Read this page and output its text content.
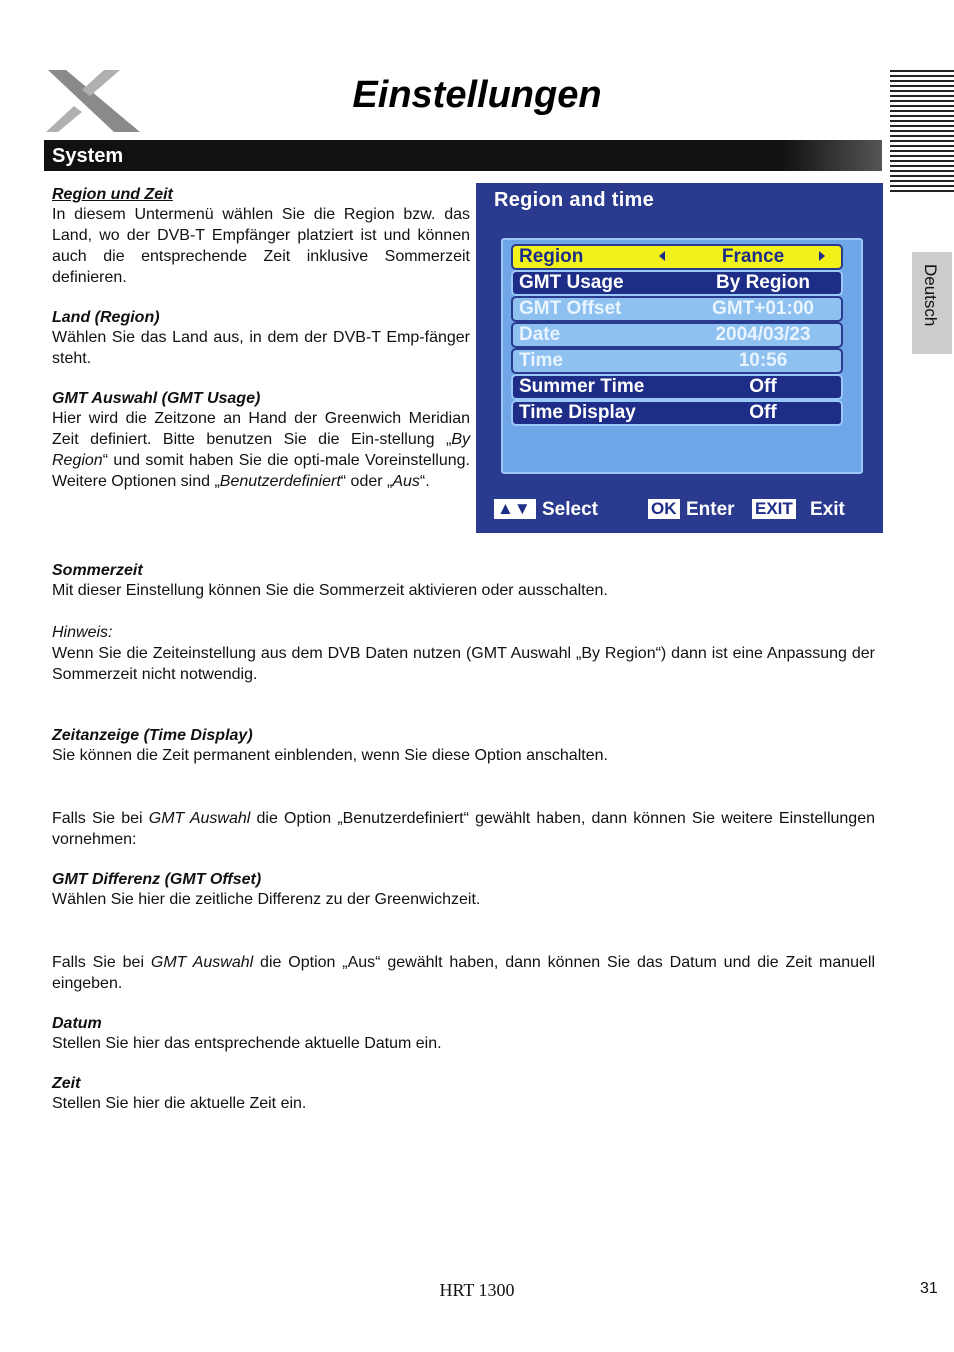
Einstellungen
System
Deutsch
Region und Zeit
In diesem Untermenü wählen Sie die Region bzw. das Land, wo der DVB-T Empfänger platziert ist und können auch die entsprechende Zeit inklusive Sommerzeit definieren.
Land (Region)
Wählen Sie das Land aus, in dem der DVB-T Emp-fänger steht.
GMT Auswahl (GMT Usage)
Hier wird die Zeitzone an Hand der Greenwich Meridian Zeit definiert. Bitte benutzen Sie die Ein-stellung „By Region“ und somit haben Sie die opti-male Voreinstellung. Weitere Optionen sind „Benutzerdefiniert“ oder „Aus“.
Region and time
Region	France
GMT Usage	By Region
GMT Offset	GMT+01:00
Date	2004/03/23
Time	10:56
Summer Time	Off
Time Display	Off
▲▼ Select	OK Enter EXIT Exit
Sommerzeit
Mit dieser Einstellung können Sie die Sommerzeit aktivieren oder ausschalten.
Hinweis:
Wenn Sie die Zeiteinstellung aus dem DVB Daten nutzen (GMT Auswahl „By Region“) dann ist eine Anpassung der Sommerzeit nicht notwendig.
Zeitanzeige (Time Display)
Sie können die Zeit permanent einblenden, wenn Sie diese Option anschalten.
Falls Sie bei GMT Auswahl die Option „Benutzerdefiniert“ gewählt haben, dann können Sie weitere Einstellungen vornehmen:
GMT Differenz (GMT Offset)
Wählen Sie hier die zeitliche Differenz zu der Greenwichzeit.
Falls Sie bei GMT Auswahl die Option „Aus“ gewählt haben, dann können Sie das Datum und die Zeit manuell eingeben.
Datum
Stellen Sie hier das entsprechende aktuelle Datum ein.
Zeit
Stellen Sie hier die aktuelle Zeit ein.
HRT 1300	31
